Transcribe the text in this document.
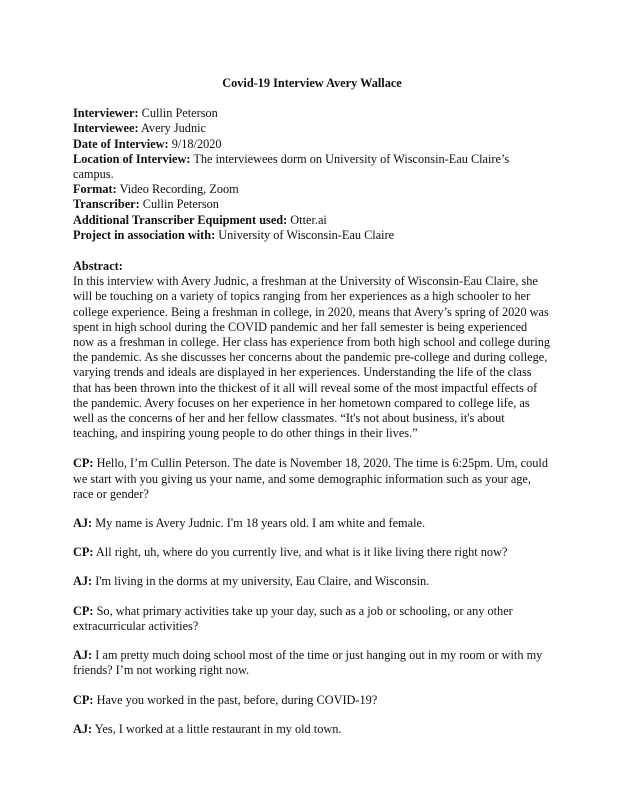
Covid-19 Interview Avery Wallace
Interviewer: Cullin Peterson
Interviewee: Avery Judnic
Date of Interview: 9/18/2020
Location of Interview: The interviewees dorm on University of Wisconsin-Eau Claire’s campus.
Format: Video Recording, Zoom
Transcriber: Cullin Peterson
Additional Transcriber Equipment used: Otter.ai
Project in association with: University of Wisconsin-Eau Claire
Abstract:
In this interview with Avery Judnic, a freshman at the University of Wisconsin-Eau Claire, she will be touching on a variety of topics ranging from her experiences as a high schooler to her college experience. Being a freshman in college, in 2020, means that Avery’s spring of 2020 was spent in high school during the COVID pandemic and her fall semester is being experienced now as a freshman in college. Her class has experience from both high school and college during the pandemic. As she discusses her concerns about the pandemic pre-college and during college, varying trends and ideals are displayed in her experiences. Understanding the life of the class that has been thrown into the thickest of it all will reveal some of the most impactful effects of the pandemic. Avery focuses on her experience in her hometown compared to college life, as well as the concerns of her and her fellow classmates. “It's not about business, it's about teaching, and inspiring young people to do other things in their lives.”
CP: Hello, I’m Cullin Peterson. The date is November 18, 2020. The time is 6:25pm. Um, could we start with you giving us your name, and some demographic information such as your age, race or gender?
AJ: My name is Avery Judnic. I'm 18 years old. I am white and female.
CP: All right, uh, where do you currently live, and what is it like living there right now?
AJ: I'm living in the dorms at my university, Eau Claire, and Wisconsin.
CP: So, what primary activities take up your day, such as a job or schooling, or any other extracurricular activities?
AJ: I am pretty much doing school most of the time or just hanging out in my room or with my friends? I’m not working right now.
CP: Have you worked in the past, before, during COVID-19?
AJ: Yes, I worked at a little restaurant in my old town.
